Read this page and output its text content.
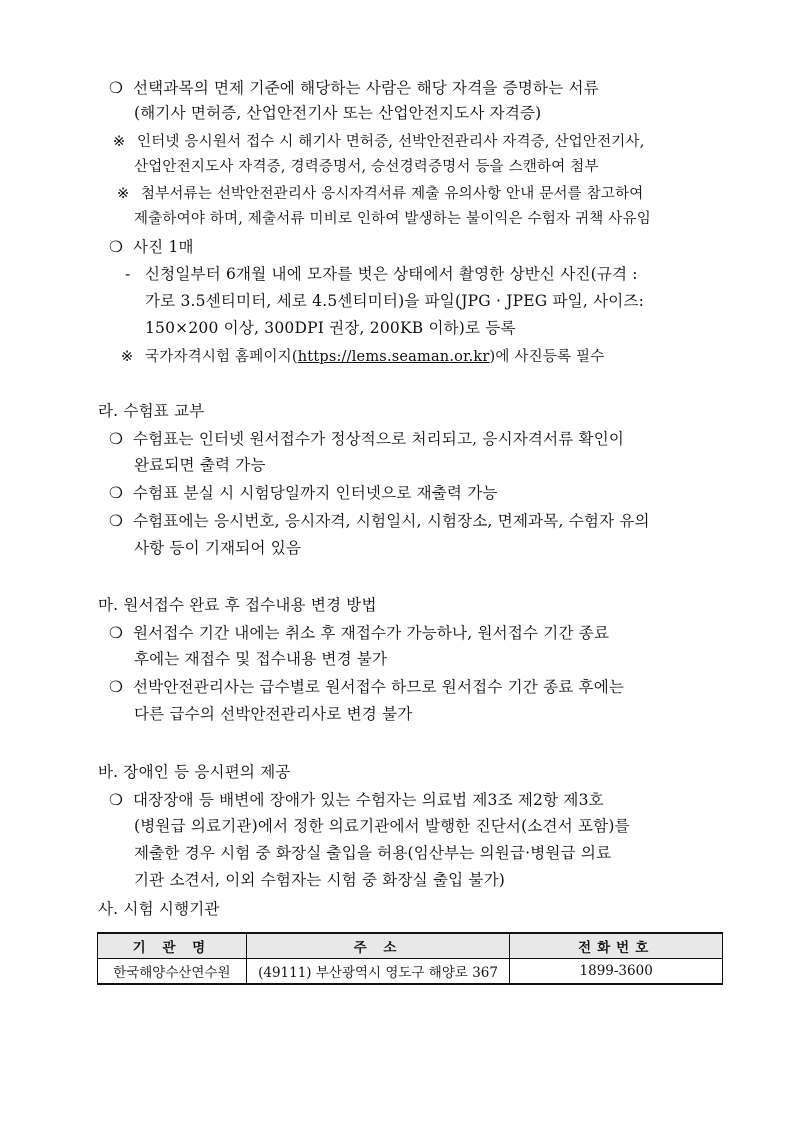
❍ 선택과목의 면제 기준에 해당하는 사람은 해당 자격을 증명하는 서류
(해기사 면허증, 산업안전기사 또는 산업안전지도사 자격증)
※ 인터넷 응시원서 접수 시 해기사 면허증, 선박안전관리사 자격증, 산업안전기사,
산업안전지도사 자격증, 경력증명서, 승선경력증명서 등을 스캔하여 첨부
※ 첨부서류는 선박안전관리사 응시자격서류 제출 유의사항 안내 문서를 참고하여
제출하여야 하며, 제출서류 미비로 인하여 발생하는 불이익은 수험자 귀책 사유임
❍ 사진 1매
- 신청일부터 6개월 내에 모자를 벗은 상태에서 촬영한 상반신 사진(규격 :
가로 3.5센티미터, 세로 4.5센티미터)을 파일(JPG · JPEG 파일, 사이즈:
150×200 이상, 300DPI 권장, 200KB 이하)로 등록
※ 국가자격시험 홈페이지(https://lems.seaman.or.kr)에 사진등록 필수
라. 수험표 교부
❍ 수험표는 인터넷 원서접수가 정상적으로 처리되고, 응시자격서류 확인이
완료되면 출력 가능
❍ 수험표 분실 시 시험당일까지 인터넷으로 재출력 가능
❍ 수험표에는 응시번호, 응시자격, 시험일시, 시험장소, 면제과목, 수험자 유의
사항 등이 기재되어 있음
마. 원서접수 완료 후 접수내용 변경 방법
❍ 원서접수 기간 내에는 취소 후 재접수가 가능하나, 원서접수 기간 종료
후에는 재접수 및 접수내용 변경 불가
❍ 선박안전관리사는 급수별로 원서접수 하므로 원서접수 기간 종료 후에는
다른 급수의 선박안전관리사로 변경 불가
바. 장애인 등 응시편의 제공
❍ 대장장애 등 배변에 장애가 있는 수험자는 의료법 제3조 제2항 제3호
(병원급 의료기관)에서 정한 의료기관에서 발행한 진단서(소견서 포함)를
제출한 경우 시험 중 화장실 출입을 허용(임산부는 의원급·병원급 의료
기관 소견서, 이외 수험자는 시험 중 화장실 출입 불가)
사. 시험 시행기관
기 관 명	주 소	전화번호
한국해양수산연수원	(49111) 부산광역시 영도구 해양로 367	1899-3600
